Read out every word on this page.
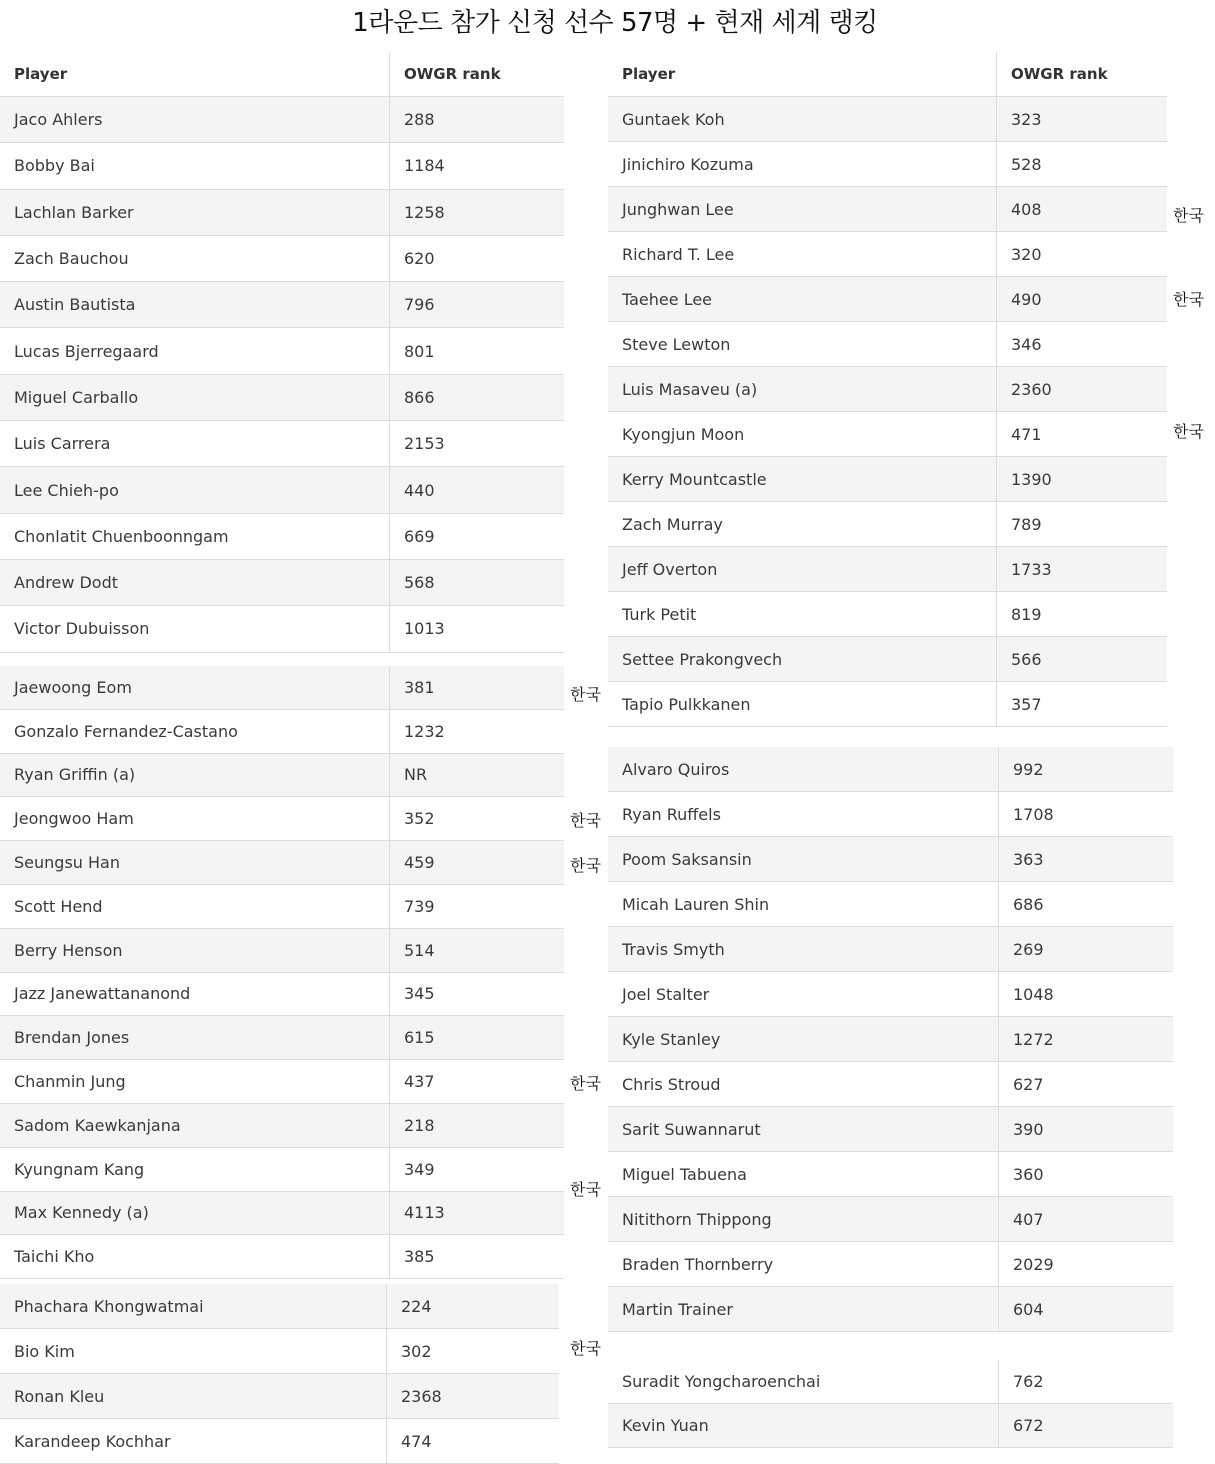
1라운드 참가 신청 선수 57명 + 현재 세계 랭킹
Player	OWGR rank
Jaco Ahlers	288
Bobby Bai	1184
Lachlan Barker	1258
Zach Bauchou	620
Austin Bautista	796
Lucas Bjerregaard	801
Miguel Carballo	866
Luis Carrera	2153
Lee Chieh-po	440
Chonlatit Chuenboonngam	669
Andrew Dodt	568
Victor Dubuisson	1013
Jaewoong Eom	381
Gonzalo Fernandez-Castano	1232
Ryan Griffin (a)	NR
Jeongwoo Ham	352
Seungsu Han	459
Scott Hend	739
Berry Henson	514
Jazz Janewattananond	345
Brendan Jones	615
Chanmin Jung	437
Sadom Kaewkanjana	218
Kyungnam Kang	349
Max Kennedy (a)	4113
Taichi Kho	385
Phachara Khongwatmai	224
Bio Kim	302
Ronan Kleu	2368
Karandeep Kochhar	474
Player	OWGR rank
Guntaek Koh	323
Jinichiro Kozuma	528
Junghwan Lee	408
Richard T. Lee	320
Taehee Lee	490
Steve Lewton	346
Luis Masaveu (a)	2360
Kyongjun Moon	471
Kerry Mountcastle	1390
Zach Murray	789
Jeff Overton	1733
Turk Petit	819
Settee Prakongvech	566
Tapio Pulkkanen	357
Alvaro Quiros	992
Ryan Ruffels	1708
Poom Saksansin	363
Micah Lauren Shin	686
Travis Smyth	269
Joel Stalter	1048
Kyle Stanley	1272
Chris Stroud	627
Sarit Suwannarut	390
Miguel Tabuena	360
Nitithorn Thippong	407
Braden Thornberry	2029
Martin Trainer	604
Suradit Yongcharoenchai	762
Kevin Yuan	672
한국
한국
한국
한국
한국
한국
한국
한국
한국
